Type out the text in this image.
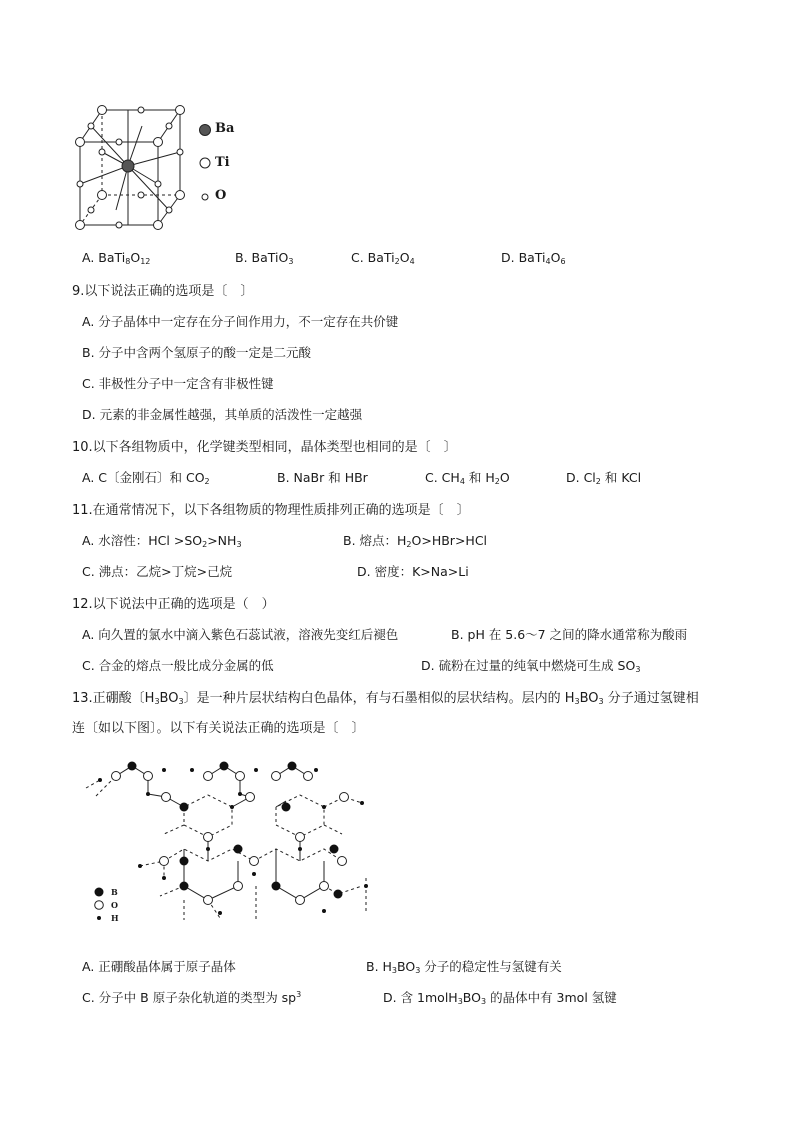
Ba
Ti
O
A. $BaTi_8O_{12}$	B. BaTiO$_3$	C. $BaTi_2O_4$	D. $BaTi_4O_6$
9.以下说法正确的选项是〔　〕
A. 分子晶体中一定存在分子间作用力，不一定存在共价键
B. 分子中含两个氢原子的酸一定是二元酸
C. 非极性分子中一定含有非极性键
D. 元素的非金属性越强，其单质的活泼性一定越强
10.以下各组物质中，化学键类型相同，晶体类型也相同的是〔　〕
A. C〔金刚石〕和 $CO_2$	B. NaBr 和 HBr	C. $CH_4$ 和 $H_2O$	D. $Cl_2$ 和 KCl
11.在通常情况下，以下各组物质的物理性质排列正确的选项是〔　〕
A. 水溶性：HCl $>SO_2>NH_3$	B. 熔点：$H_2O>HBr>HCl$
C. 沸点：乙烷>丁烷>己烷	D. 密度：K>Na>Li
12.以下说法中正确的选项是（　）
A. 向久置的氯水中滴入紫色石蕊试液，溶液先变红后褪色	B. pH 在 5.6～7 之间的降水通常称为酸雨
C. 合金的熔点一般比成分金属的低	D. 硫粉在过量的纯氧中燃烧可生成 $SO_3$
13.正硼酸〔$H_3BO_3$〕是一种片层状结构白色晶体，有与石墨相似的层状结构。层内的 $H_3BO_3$ 分子通过氢键相
连〔如以下图〕。以下有关说法正确的选项是〔　〕
B
O
H
A. 正硼酸晶体属于原子晶体	B. $H_3BO_3$ 分子的稳定性与氢键有关
C. 分子中 B 原子杂化轨道的类型为 $sp^3$	D. 含 $1molH_3BO_3$ 的晶体中有 3mol 氢键
